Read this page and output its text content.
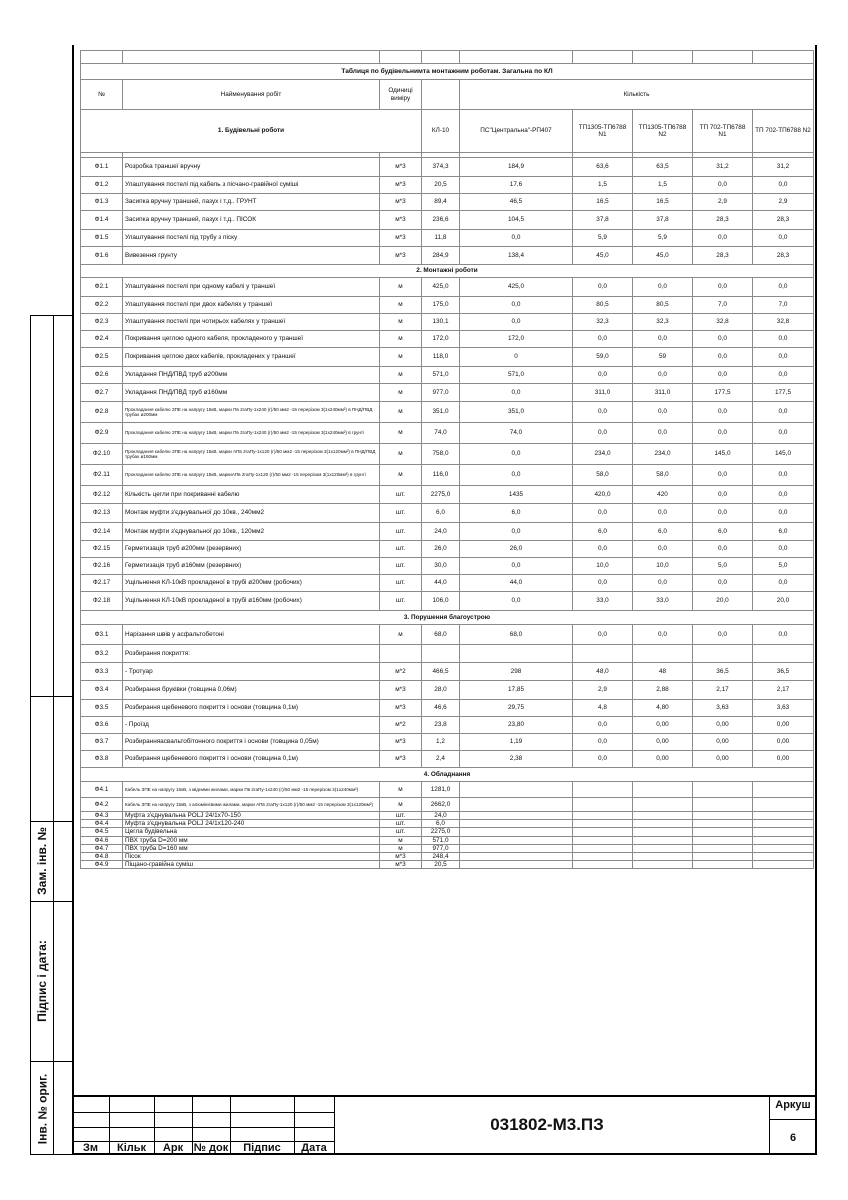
Таблиця по будівельнимта монтажним роботам. Загальна по КЛ								
№	Найменування робіт	Одиниці виміру		Кількість				
1. Будівельні роботи			КЛ-10	ПС"Центральна"-РП407	ТП1305-ТП6788 N1	ТП1305-ТП6788 N2	ТП 702-ТП6788 N1	ТП 702-ТП6788 N2

Ф1.1	Розробка траншеї вручну	м*3	374,3	184,9	63,6	63,5	31,2	31,2
Ф1.2	Улаштування постелі під кабель з пісчано-гравійної суміші	м*3	20,5	17,6	1,5	1,5	0,0	0,0
Ф1.3	Засипка вручну траншей, пазух і т.д.. ГРУНТ	м*3	89,4	46,5	16,5	16,5	2,9	2,9
Ф1.4	Засипка вручну траншей, пазух і т.д.. ПІСОК	м*3	236,6	104,5	37,8	37,8	28,3	28,3
Ф1.5	Улаштування постелі під трубу з піску	м*3	11,8	0,0	5,9	5,9	0,0	0,0
Ф1.6	Вивезення грунту	м*3	284,9	138,4	45,0	45,0	28,3	28,3
2. Монтажні роботи								
Ф2.1	Улаштування постелі при одному кабелі у траншеї	м	425,0	425,0	0,0	0,0	0,0	0,0
Ф2.2	Улаштування постелі при двох кабелях у траншеї	м	175,0	0,0	80,5	80,5	7,0	7,0
Ф2.3	Улаштування постелі при чотирьох кабелях у траншеї	м	130,1	0,0	32,3	32,3	32,8	32,8
Ф2.4	Покривання цеглою одного кабеля, прокладеного у траншеї	м	172,0	172,0	0,0	0,0	0,0	0,0
Ф2.5	Покривання цеглою двох кабелів, прокладених у траншеї	м	118,0	0	59,0	59	0,0	0,0
Ф2.6	Укладання ПНД/ПВД труб ø200мм	м	571,0	571,0	0,0	0,0	0,0	0,0
Ф2.7	Укладання ПНД/ПВД труб ø160мм	м	977,0	0,0	311,0	311,0	177,5	177,5
Ф2.8	Прокладання кабелю ЗПЕ на напругу 15кВ, марки Пв 2гаПу-1х240 (г)/50 мм2 -15 перерізом 3(1х240мм²) в ПНД/ПВД трубах ø200мм	м	351,0	351,0	0,0	0,0	0,0	0,0
Ф2.9	Прокладання кабелю ЗПЕ на напругу 15кВ, марки Пв 2гаПу-1х240 (г)/50 мм2 -15 перерізом 3(1х240мм²) в грунті	м	74,0	74,0	0,0	0,0	0,0	0,0
Ф2.10	Прокладання кабелю ЗПЕ на напругу 15кВ, марки АПв 2гаПу-1х120 (г)/50 мм2 -15 перерізом 3(1х120мм²) в ПНД/ПВД трубах ø160мм	м	758,0	0,0	234,0	234,0	145,0	145,0
Ф2.11	Прокладання кабелю ЗПЕ на напругу 15кВ, маркиАПв 2гаПу-1х120 (г)/50 мм2 -15 перерізом 3(1х120мм²) в грунті	м	116,0	0,0	58,0	58,0	0,0	0,0
Ф2.12	Кількість цегли при покриванні кабелю	шт.	2275,0	1435	420,0	420	0,0	0,0
Ф2.13	Монтаж муфти з'єднувальної до 10кв., 240мм2	шт.	6,0	6,0	0,0	0,0	0,0	0,0
Ф2.14	Монтаж муфти з'єднувальної до 10кв., 120мм2	шт.	24,0	0,0	6,0	6,0	6,0	6,0
Ф2.15	Герметизація труб ø200мм (резервних)	шт.	26,0	26,0	0,0	0,0	0,0	0,0
Ф2.16	Герметизація труб ø160мм (резервних)	шт.	30,0	0,0	10,0	10,0	5,0	5,0
Ф2.17	Ущільнення КЛ-10кВ прокладеної в трубі ø200мм (робочих)	шт.	44,0	44,0	0,0	0,0	0,0	0,0
Ф2.18	Ущільнення КЛ-10кВ прокладеної в трубі ø160мм (робочих)	шт.	106,0	0,0	33,0	33,0	20,0	20,0
3. Порушення благоустрою								
Ф3.1	Нарізання швів у асфальтобетоні	м	68,0	68,0	0,0	0,0	0,0	0,0
Ф3.2	Розбирання покриття:							
Ф3.3	- Тротуар	м*2	466,5	298	48,0	48	36,5	36,5
Ф3.4	Розбирання бруківки (товщина 0,06м)	м*3	28,0	17,85	2,9	2,88	2,17	2,17
Ф3.5	Розбирання щебеневого покриття і основи (товщина 0,1м)	м*3	46,6	29,75	4,8	4,80	3,63	3,63
Ф3.6	- Проїзд	м*2	23,8	23,80	0,0	0,00	0,00	0,00
Ф3.7	Розбиранняасвальтобітонного покриття і основи (товщина 0,05м)	м*3	1,2	1,19	0,0	0,00	0,00	0,00
Ф3.8	Розбирання щебеневого покриття і основи (товщина 0,1м)	м*3	2,4	2,38	0,0	0,00	0,00	0,00
4. Обладнання								
Ф4.1	Кабель ЗПЕ на напругу 15кВ, з мідними жилами, марки Пв 2гаПу-1х240 (г)/50 мм2 -15 перерізом 3(1х240мм²)	м	1281,0					
Ф4.2	Кабель ЗПЕ на напругу 15кВ, з алюмінієвими жилами, марки АПв 2гаПу-1х120 (г)/50 мм2 -15 перерізом 3(1х120мм²)	м	2662,0					
Ф4.3	Муфта з'єднувальна POLJ 24/1х70-150	шт.	24,0					
Ф4.4	Муфта з'єднувальна POLJ 24/1х120-240	шт.	6,0					
Ф4.5	Цегла будівельна	шт.	2275,0					
Ф4.6	ПВХ труба D=200 мм	м	571,0					
Ф4.7	ПВХ труба D=160 мм	м	977,0					
Ф4.8	Пісок	м*3	248,4					
Ф4.9	Піщано-гравійна суміш	м*3	20,5					
Зам. інв. №
Підпис і дата:
Інв. № ориг.
Зм	Кільк	Арк № док	Підпис	Дата
031802-М3.ПЗ
Аркуш
6
